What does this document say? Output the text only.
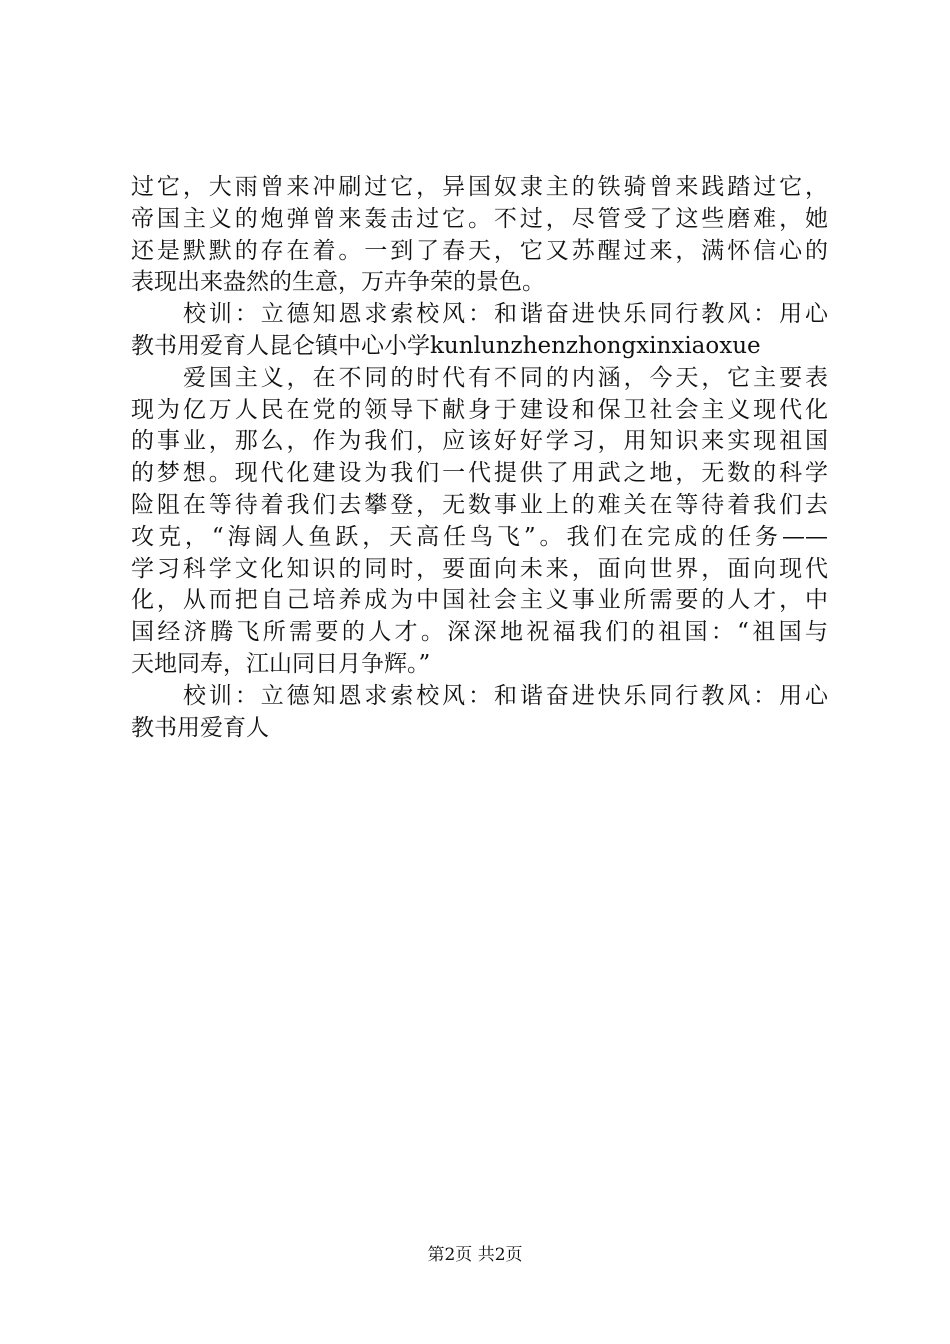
过它，大雨曾来冲刷过它，异国奴隶主的铁骑曾来践踏过它，
帝国主义的炮弹曾来轰击过它。不过，尽管受了这些磨难，她
还是默默的存在着。一到了春天，它又苏醒过来，满怀信心的
表现出来盎然的生意，万卉争荣的景色。
校训：立德知恩求索校风：和谐奋进快乐同行教风：用心
教书用爱育人昆仑镇中心小学kunlunzhenzhongxinxiaoxue
爱国主义，在不同的时代有不同的内涵，今天，它主要表
现为亿万人民在党的领导下献身于建设和保卫社会主义现代化
的事业，那么，作为我们，应该好好学习，用知识来实现祖国
的梦想。现代化建设为我们一代提供了用武之地，无数的科学
险阻在等待着我们去攀登，无数事业上的难关在等待着我们去
攻克，“海阔人鱼跃，天高任鸟飞”。我们在完成的任务——
学习科学文化知识的同时，要面向未来，面向世界，面向现代
化，从而把自己培养成为中国社会主义事业所需要的人才，中
国经济腾飞所需要的人才。深深地祝福我们的祖国：“祖国与
天地同寿，江山同日月争辉。”
校训：立德知恩求索校风：和谐奋进快乐同行教风：用心
教书用爱育人
第2页 共2页
